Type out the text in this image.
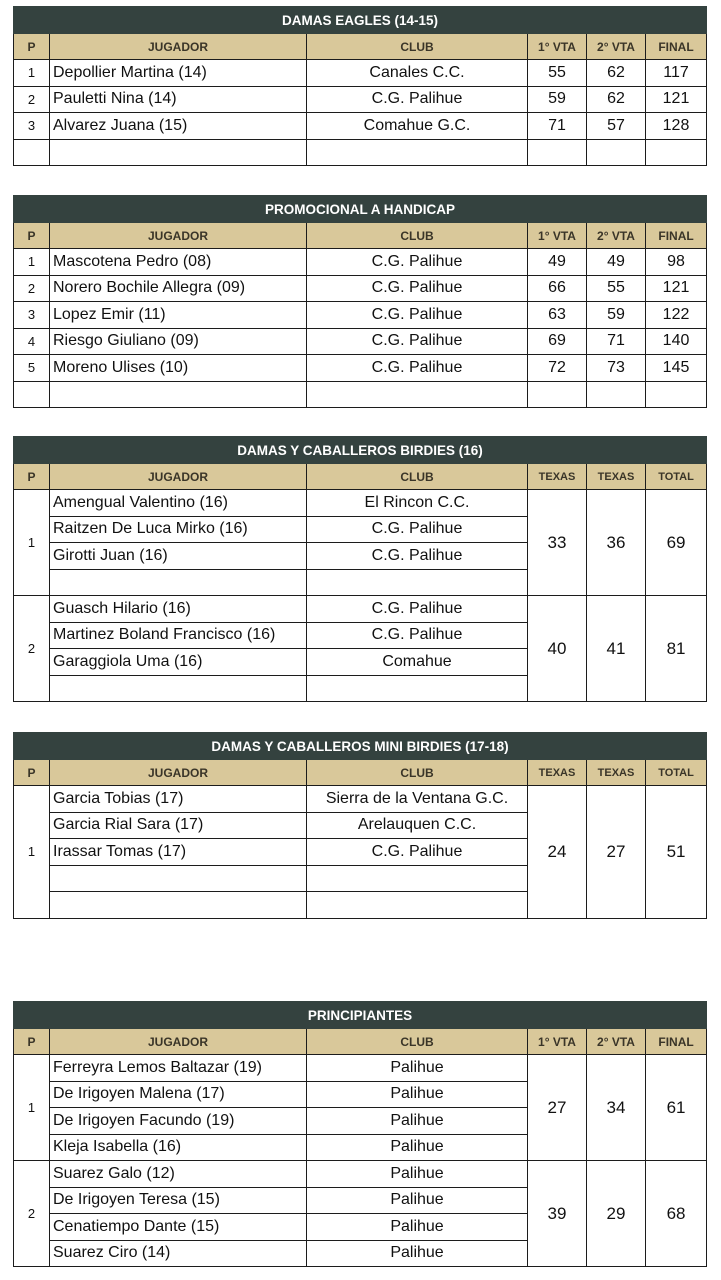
DAMAS EAGLES (14-15)					
P	JUGADOR	CLUB	1° VTA	2° VTA	FINAL
1	Depollier Martina (14)	Canales C.C.	55	62	117
2	Pauletti Nina (14)	C.G. Palihue	59	62	121
3	Alvarez Juana (15)	Comahue G.C.	71	57	128

PROMOCIONAL A HANDICAP					
P	JUGADOR	CLUB	1° VTA	2° VTA	FINAL
1	Mascotena Pedro (08)	C.G. Palihue	49	49	98
2	Norero Bochile Allegra (09)	C.G. Palihue	66	55	121
3	Lopez Emir (11)	C.G. Palihue	63	59	122
4	Riesgo Giuliano (09)	C.G. Palihue	69	71	140
5	Moreno Ulises (10)	C.G. Palihue	72	73	145

DAMAS Y CABALLEROS BIRDIES (16)					
P	JUGADOR	CLUB	TEXAS	TEXAS	TOTAL
1	Amengual Valentino (16)	El Rincon C.C.	33	36	69
	Raitzen De Luca Mirko (16)	C.G. Palihue			
	Girotti Juan (16)	C.G. Palihue			

2	Guasch Hilario (16)	C.G. Palihue	40	41	81
	Martinez Boland Francisco (16)	C.G. Palihue			
	Garaggiola Uma (16)	Comahue			

DAMAS Y CABALLEROS MINI BIRDIES (17-18)					
P	JUGADOR	CLUB	TEXAS	TEXAS	TOTAL
1	Garcia Tobias (17)	Sierra de la Ventana G.C.	24	27	51
	Garcia Rial Sara (17)	Arelauquen C.C.			
	Irassar Tomas (17)	C.G. Palihue			

PRINCIPIANTES					
P	JUGADOR	CLUB	1° VTA	2° VTA	FINAL
1	Ferreyra Lemos Baltazar (19)	Palihue	27	34	61
	De Irigoyen Malena (17)	Palihue			
	De Irigoyen Facundo (19)	Palihue			
	Kleja Isabella (16)	Palihue			
2	Suarez Galo (12)	Palihue	39	29	68
	De Irigoyen Teresa (15)	Palihue			
	Cenatiempo Dante (15)	Palihue			
	Suarez Ciro (14)	Palihue			
